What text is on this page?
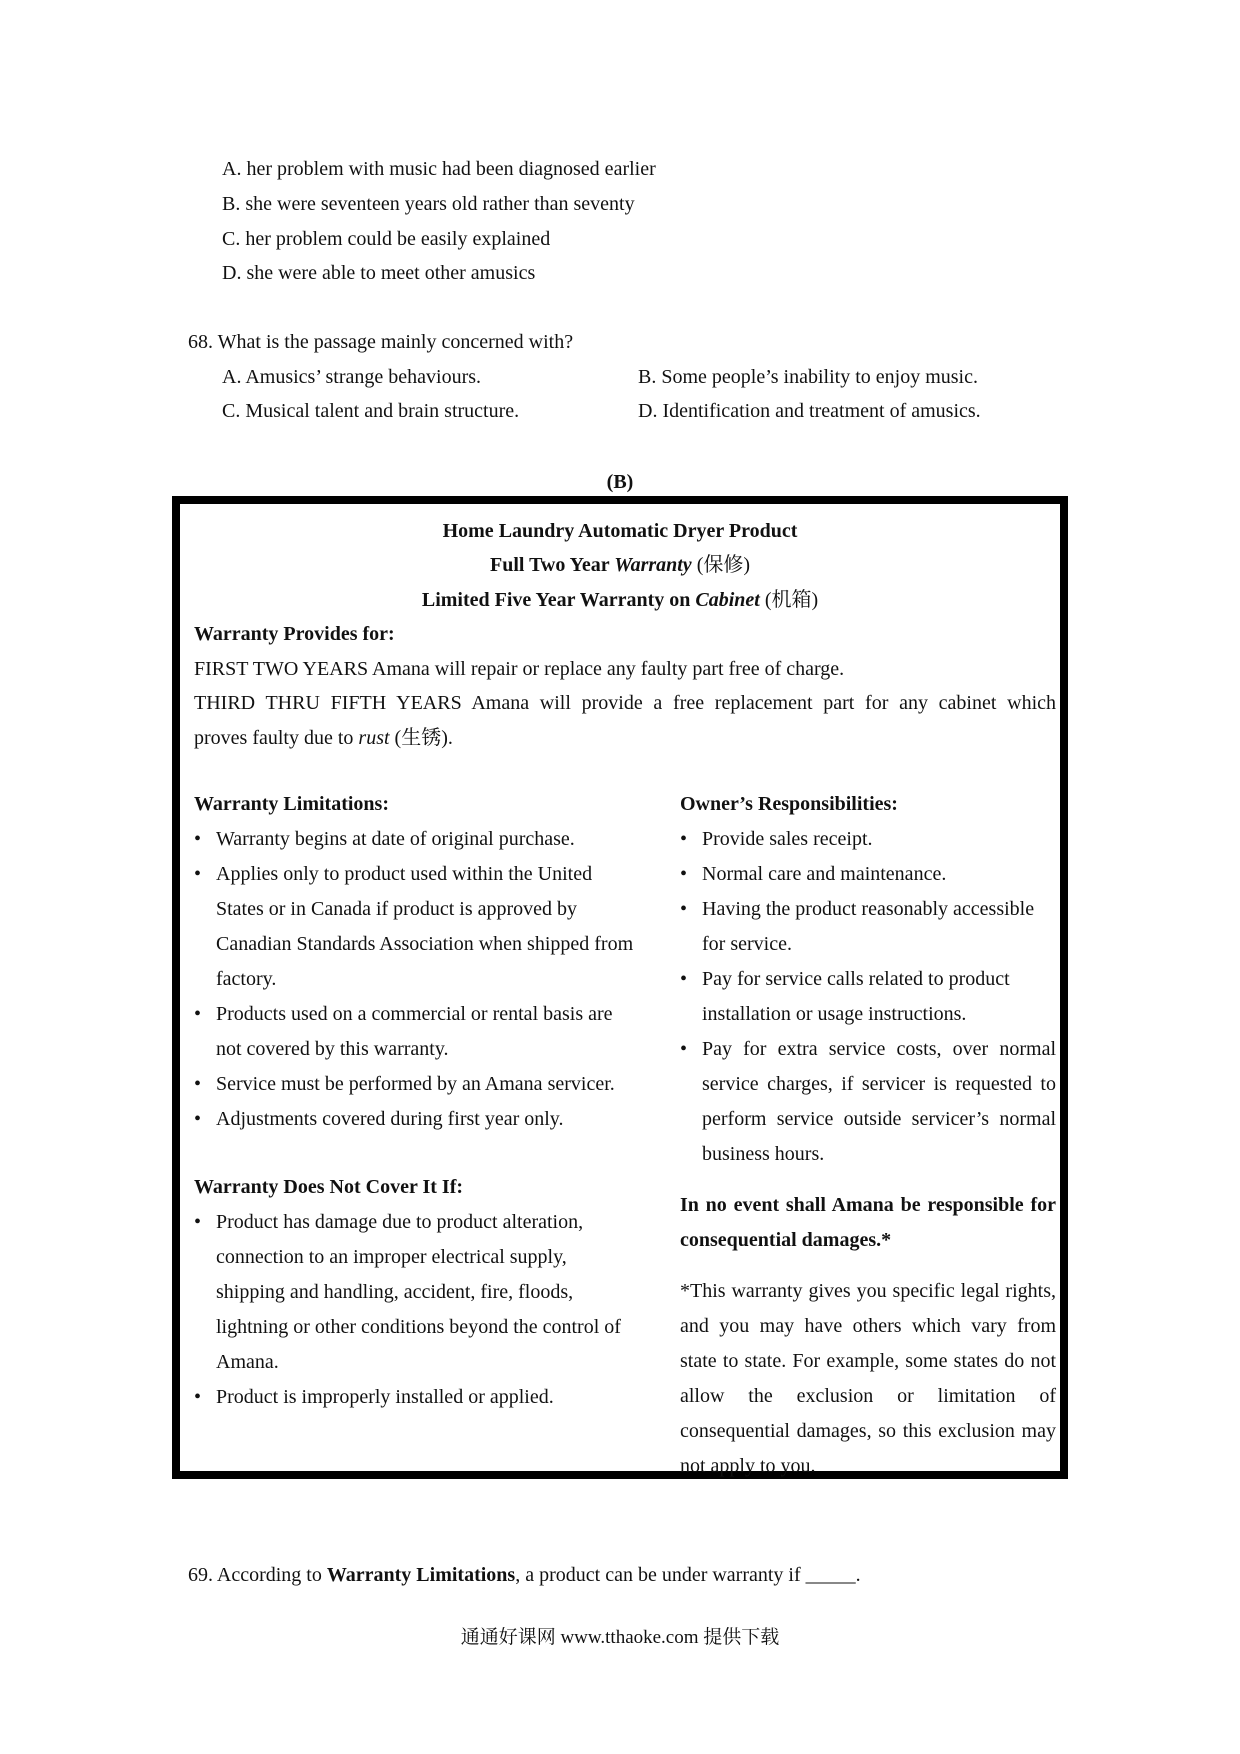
A. her problem with music had been diagnosed earlier
B. she were seventeen years old rather than seventy
C. her problem could be easily explained
D. she were able to meet other amusics
68. What is the passage mainly concerned with?
A. Amusics’ strange behaviours.	B. Some people’s inability to enjoy music.
C. Musical talent and brain structure.	D. Identification and treatment of amusics.
(B)
Home Laundry Automatic Dryer Product
Full Two Year Warranty (保修)
Limited Five Year Warranty on Cabinet (机箱)
Warranty Provides for:
FIRST TWO YEARS Amana will repair or replace any faulty part free of charge.
THIRD THRU FIFTH YEARS Amana will provide a free replacement part for any cabinet which
proves faulty due to rust (生锈).
Warranty Limitations:
• Warranty begins at date of original purchase.
• Applies only to product used within the United States or in Canada if product is approved by Canadian Standards Association when shipped from factory.
• Products used on a commercial or rental basis are not covered by this warranty.
• Service must be performed by an Amana servicer.
• Adjustments covered during first year only.
Warranty Does Not Cover It If:
• Product has damage due to product alteration, connection to an improper electrical supply, shipping and handling, accident, fire, floods, lightning or other conditions beyond the control of Amana.
• Product is improperly installed or applied.
Owner’s Responsibilities:
• Provide sales receipt.
• Normal care and maintenance.
• Having the product reasonably accessible for service.
• Pay for service calls related to product installation or usage instructions.
• Pay for extra service costs, over normal service charges, if servicer is requested to perform service outside servicer’s normal business hours.
In no event shall Amana be responsible for consequential damages.*
*This warranty gives you specific legal rights, and you may have others which vary from state to state. For example, some states do not allow the exclusion or limitation of consequential damages, so this exclusion may not apply to you.
69. According to Warranty Limitations, a product can be under warranty if _____.
通通好课网 www.tthaoke.com 提供下载
